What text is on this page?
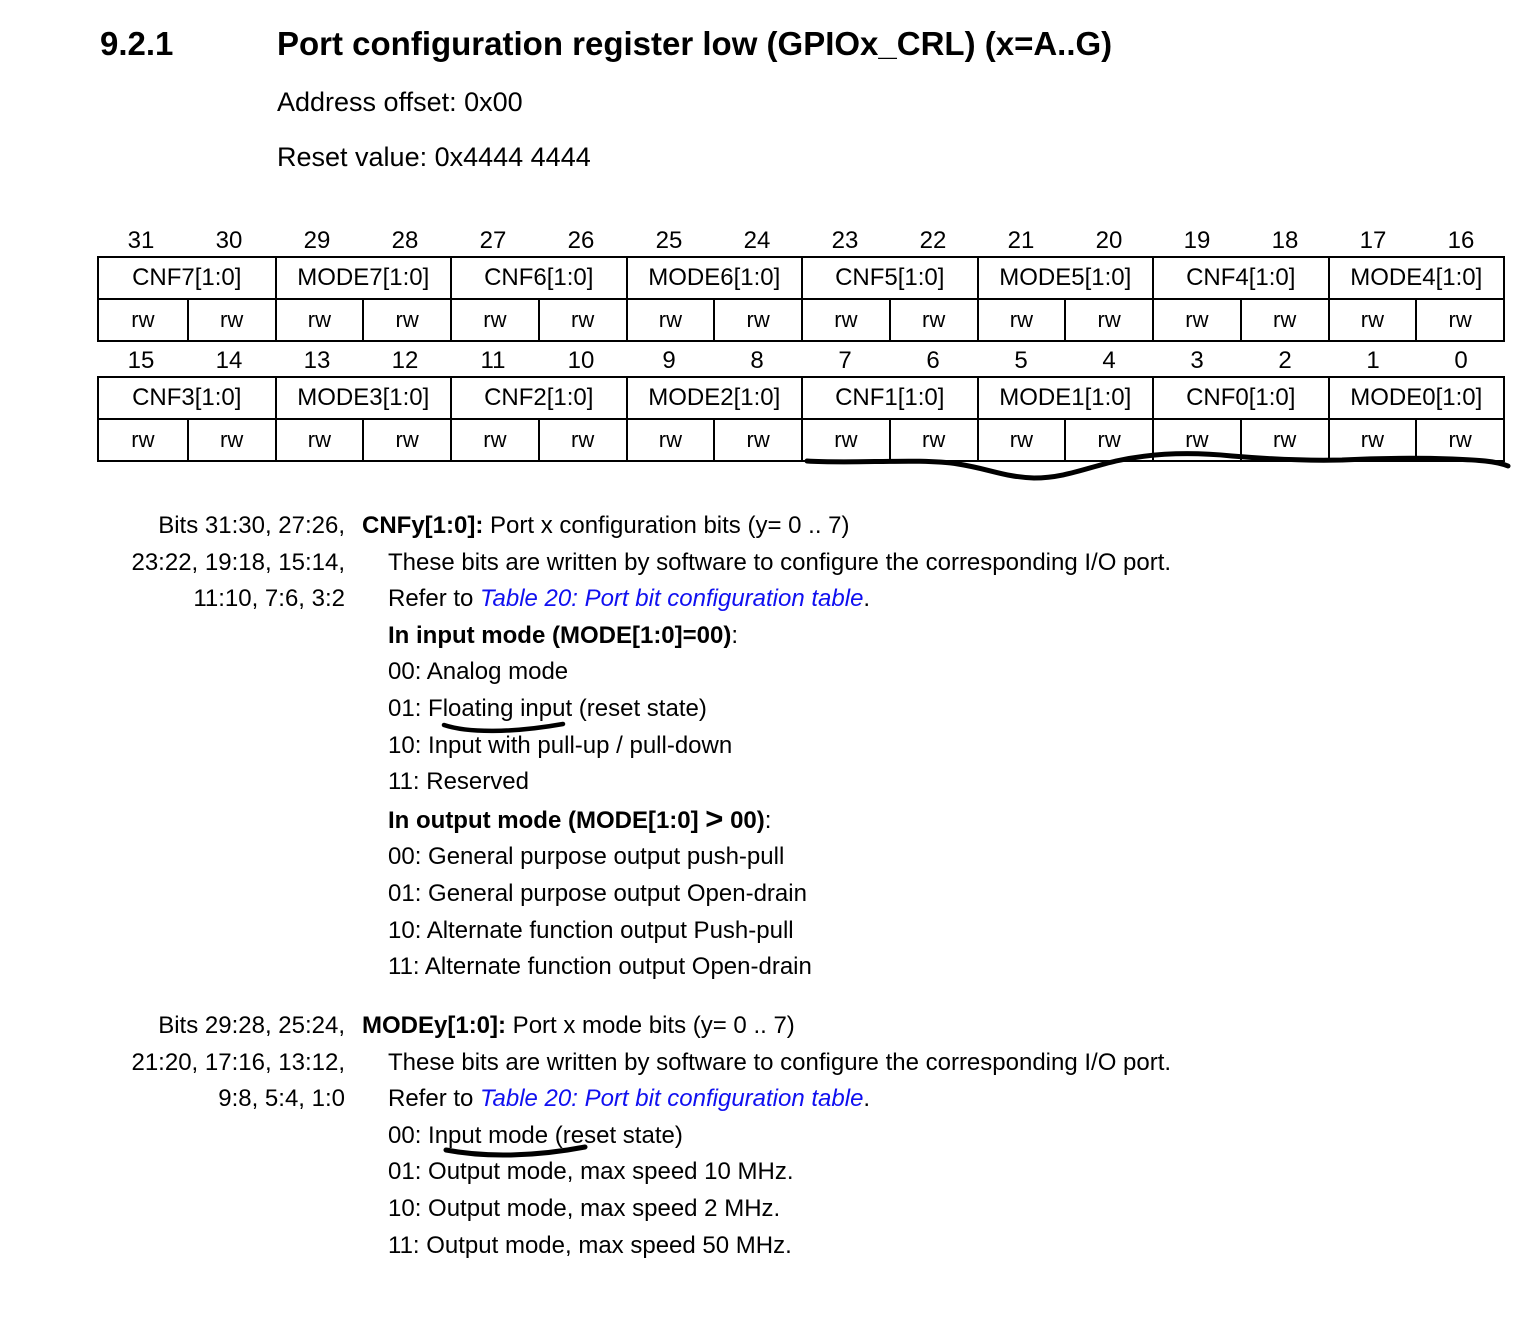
9.2.1	Port configuration register low (GPIOx_CRL) (x=A..G)
Address offset: 0x00
Reset value: 0x4444 4444
31	30	29	28	27	26	25	24	23	22	21	20	19	18	17	16
CNF7[1:0]	MODE7[1:0]	CNF6[1:0]	MODE6[1:0]	CNF5[1:0]	MODE5[1:0]	CNF4[1:0]	MODE4[1:0]
rw	rw	rw	rw	rw	rw	rw	rw	rw	rw	rw	rw	rw	rw	rw	rw
15	14	13	12	11	10	9	8	7	6	5	4	3	2	1	0
CNF3[1:0]	MODE3[1:0]	CNF2[1:0]	MODE2[1:0]	CNF1[1:0]	MODE1[1:0]	CNF0[1:0]	MODE0[1:0]
rw	rw	rw	rw	rw	rw	rw	rw	rw	rw	rw	rw	rw	rw	rw	rw
Bits 31:30, 27:26,
23:22, 19:18, 15:14,
11:10, 7:6, 3:2
CNFy[1:0]: Port x configuration bits (y= 0 .. 7)
These bits are written by software to configure the corresponding I/O port.
Refer to Table 20: Port bit configuration table.
In input mode (MODE[1:0]=00):
00: Analog mode
01: Floating input (reset state)
10: Input with pull-up / pull-down
11: Reserved
In output mode (MODE[1:0] > 00):
00: General purpose output push-pull
01: General purpose output Open-drain
10: Alternate function output Push-pull
11: Alternate function output Open-drain
Bits 29:28, 25:24,
21:20, 17:16, 13:12,
9:8, 5:4, 1:0
MODEy[1:0]: Port x mode bits (y= 0 .. 7)
These bits are written by software to configure the corresponding I/O port.
Refer to Table 20: Port bit configuration table.
00: Input mode (reset state)
01: Output mode, max speed 10 MHz.
10: Output mode, max speed 2 MHz.
11: Output mode, max speed 50 MHz.
